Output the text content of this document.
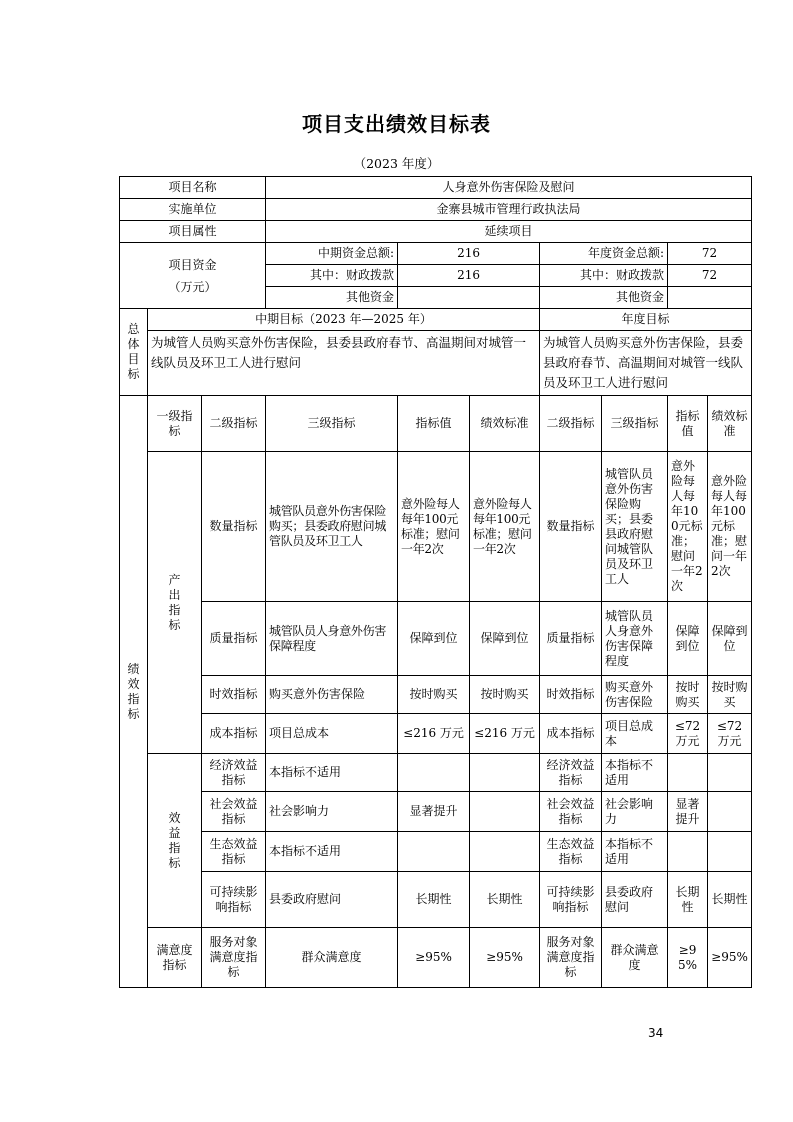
项目支出绩效目标表
（2023 年度）
项目名称			人身意外伤害保险及慰问						
实施单位			金寨县城市管理行政执法局						
项目属性			延续项目						

项目资金
（万元）			中期资金总额:	216		年度资金总额:		72	
			其中：财政拨款	216		其中：财政拨款		72	
			其他资金			其他资金			
总体目标	中期目标（2023 年—2025 年）					年度目标			
	为城管人员购买意外伤害保险，县委县政府春节、高温期间对城管一线队员及环卫工人进行慰问					为城管人员购买意外伤害保险，县委县政府春节、高温期间对城管一线队员及环卫工人进行慰问			
绩效指标	一级指标	二级指标	三级指标	指标值	绩效标准	二级指标	三级指标	指标值	绩效标准
	产出指标	数量指标	城管队员意外伤害保险购买；县委政府慰问城管队员及环卫工人	意外险每人每年100元标准；慰问一年2次	意外险每人每年100元标准；慰问一年2次	数量指标	城管队员意外伤害保险购买；县委县政府慰问城管队员及环卫工人	意外险每人每年100元标准；慰问一年2次	意外险每人每年100元标准；慰问一年2次
		质量指标	城管队员人身意外伤害保障程度	保障到位	保障到位	质量指标	城管队员人身意外伤害保障程度	保障到位	保障到位
		时效指标	购买意外伤害保险	按时购买	按时购买	时效指标	购买意外伤害保险	按时购买	按时购买
		成本指标	项目总成本	≤216 万元	≤216 万元	成本指标	项目总成本	≤72万元	≤72万元
	效益指标	经济效益指标	本指标不适用			经济效益指标	本指标不适用		
		社会效益指标	社会影响力	显著提升		社会效益指标	社会影响力	显著提升	
		生态效益指标	本指标不适用			生态效益指标	本指标不适用		
		可持续影响指标	县委政府慰问	长期性	长期性	可持续影响指标	县委政府慰问	长期性	长期性
	满意度指标	服务对象满意度指标	群众满意度	≥95%	≥95%	服务对象满意度指标	群众满意度	≥95%	≥95%
34
